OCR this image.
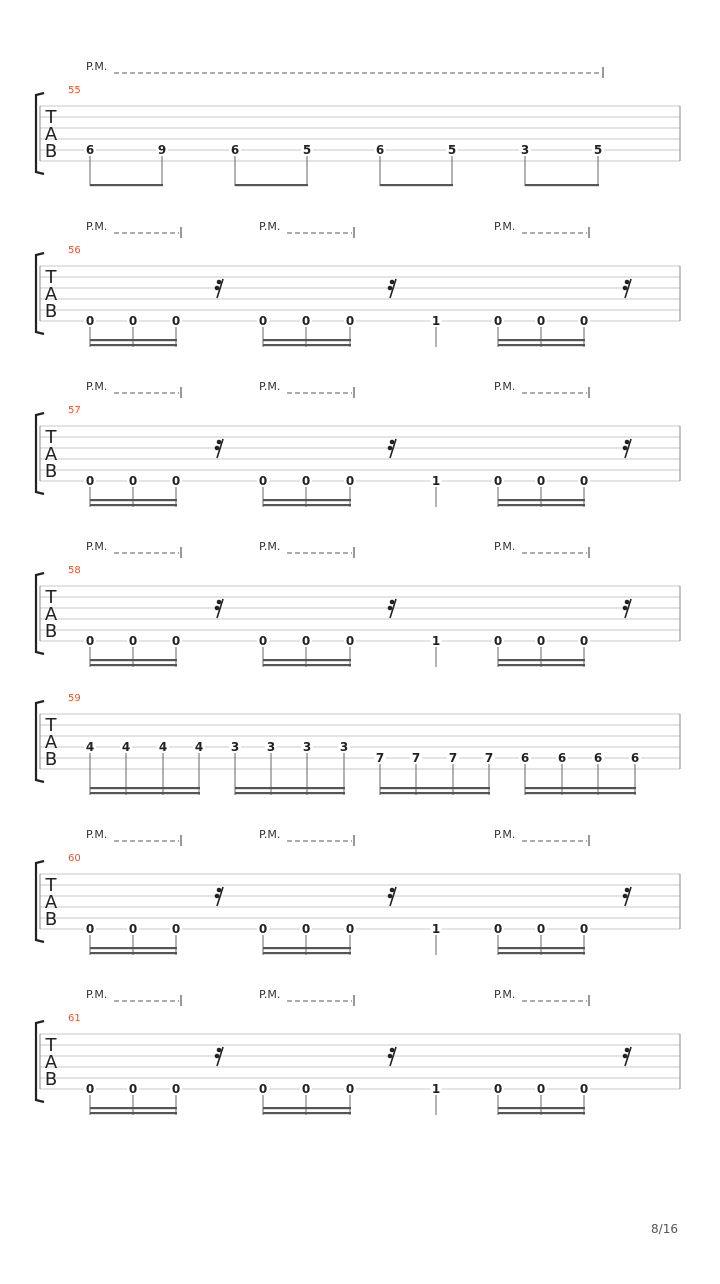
T
A
B
55
P.M.
6	9	6	5	6	5	3	5
T
A
B
56
P.M.	P.M.	P.M.
0	0	0	0	0	0	0	0	0
1
T
A
B
57
P.M.	P.M.	P.M.
0	0	0	0	0	0	0	0	0
1
T
A
B
58
P.M.	P.M.	P.M.
0	0	0	0	0	0	0	0	0
1
T
A
B
59
4 4 4 4 3 3 3 3
7 7 7 7 6 6 6 6
T
A
B
60
P.M.	P.M.	P.M.
0	0	0	0	0	0	0	0	0
1
T
A
B
61
P.M.	P.M.	P.M.
0	0	0	0	0	0	0	0	0
1
8/16
